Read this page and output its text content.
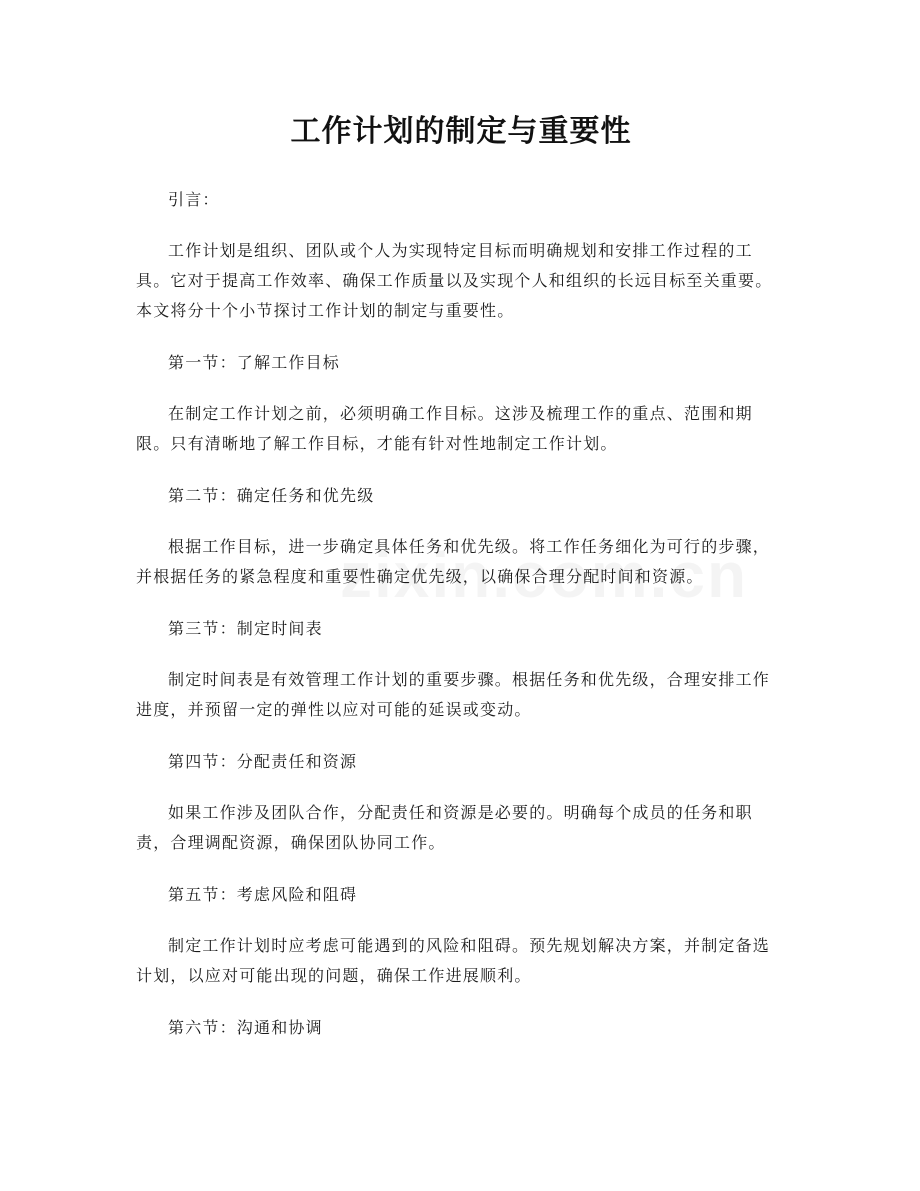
工作计划的制定与重要性

引言：

工作计划是组织、团队或个人为实现特定目标而明确规划和安排工作过程的工具。它对于提高工作效率、确保工作质量以及实现个人和组织的长远目标至关重要。本文将分十个小节探讨工作计划的制定与重要性。

第一节：了解工作目标

在制定工作计划之前，必须明确工作目标。这涉及梳理工作的重点、范围和期限。只有清晰地了解工作目标，才能有针对性地制定工作计划。

第二节：确定任务和优先级

根据工作目标，进一步确定具体任务和优先级。将工作任务细化为可行的步骤，并根据任务的紧急程度和重要性确定优先级，以确保合理分配时间和资源。

第三节：制定时间表

制定时间表是有效管理工作计划的重要步骤。根据任务和优先级，合理安排工作进度，并预留一定的弹性以应对可能的延误或变动。

第四节：分配责任和资源

如果工作涉及团队合作，分配责任和资源是必要的。明确每个成员的任务和职责，合理调配资源，确保团队协同工作。

第五节：考虑风险和阻碍

制定工作计划时应考虑可能遇到的风险和阻碍。预先规划解决方案，并制定备选计划，以应对可能出现的问题，确保工作进展顺利。

第六节：沟通和协调
